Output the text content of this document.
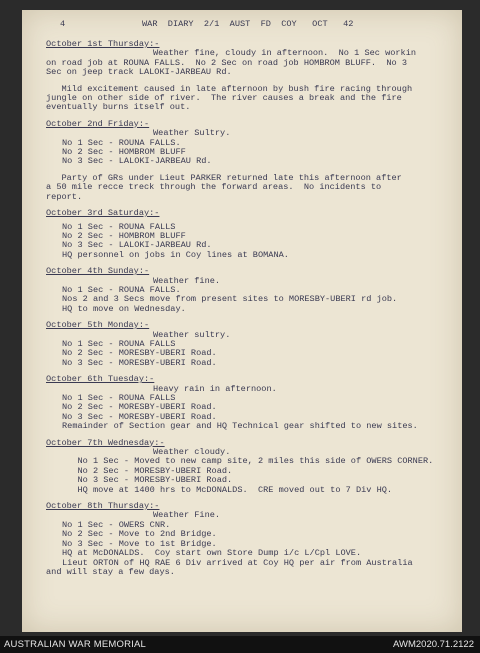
4	WAR  DIARY  2/1  AUST  FD  COY   OCT   42
October 1st Thursday:-
Weather fine, cloudy in afternoon.  No 1 Sec workin
on road job at ROUNA FALLS.  No 2 Sec on road job HOMBROM BLUFF.  No 3
Sec on jeep track LALOKI-JARBEAU Rd.
Mild excitement caused in late afternoon by bush fire racing through
jungle on other side of river.  The river causes a break and the fire
eventually burns itself out.
October 2nd Friday:-
Weather Sultry.
No 1 Sec - ROUNA FALLS.
No 2 Sec - HOMBROM BLUFF
No 3 Sec - LALOKI-JARBEAU Rd.
Party of GRs under Lieut PARKER returned late this afternoon after
a 50 mile recce treck through the forward areas.  No incidents to
report.
October 3rd Saturday:-
No 1 Sec - ROUNA FALLS
No 2 Sec - HOMBROM BLUFF
No 3 Sec - LALOKI-JARBEAU Rd.
HQ personnel on jobs in Coy lines at BOMANA.
October 4th Sunday:-
Weather fine.
No 1 Sec - ROUNA FALLS.
Nos 2 and 3 Secs move from present sites to MORESBY-UBERI rd job.
HQ to move on Wednesday.
October 5th Monday:-
Weather sultry.
No 1 Sec - ROUNA FALLS
No 2 Sec - MORESBY-UBERI Road.
No 3 Sec - MORESBY-UBERI Road.
October 6th Tuesday:-
Heavy rain in afternoon.
No 1 Sec - ROUNA FALLS
No 2 Sec - MORESBY-UBERI Road.
No 3 Sec - MORESBY-UBERI Road.
Remainder of Section gear and HQ Technical gear shifted to new sites.
October 7th Wednesday:-
Weather cloudy.
No 1 Sec - Moved to new camp site, 2 miles this side of OWERS CORNER.
No 2 Sec - MORESBY-UBERI Road.
No 3 Sec - MORESBY-UBERI Road.
HQ move at 1400 hrs to McDONALDS.  CRE moved out to 7 Div HQ.
October 8th Thursday:-
Weather Fine.
No 1 Sec - OWERS CNR.
No 2 Sec - Move to 2nd Bridge.
No 3 Sec - Move to 1st Bridge.
HQ at McDONALDS.  Coy start own Store Dump i/c L/Cpl LOVE.
Lieut ORTON of HQ RAE 6 Div arrived at Coy HQ per air from Australia
and will stay a few days.
AUSTRALIAN WAR MEMORIAL	AWM2020.71.2122
